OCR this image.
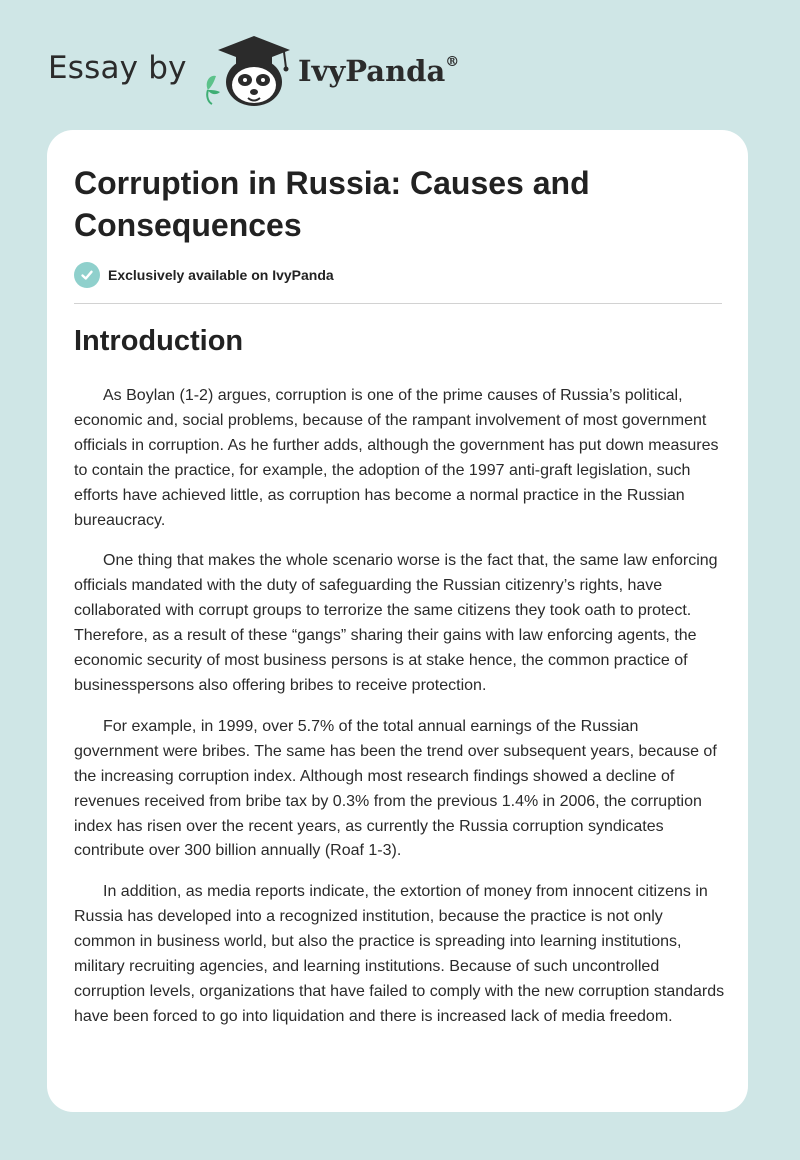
Essay by	IvyPanda®
Corruption in Russia: Causes and Consequences
Exclusively available on IvyPanda
Introduction

As Boylan (1-2) argues, corruption is one of the prime causes of Russia’s political, economic and, social problems, because of the rampant involvement of most government officials in corruption. As he further adds, although the government has put down measures to contain the practice, for example, the adoption of the 1997 anti-graft legislation, such efforts have achieved little, as corruption has become a normal practice in the Russian bureaucracy.

One thing that makes the whole scenario worse is the fact that, the same law enforcing officials mandated with the duty of safeguarding the Russian citizenry’s rights, have collaborated with corrupt groups to terrorize the same citizens they took oath to protect. Therefore, as a result of these “gangs” sharing their gains with law enforcing agents, the economic security of most business persons is at stake hence, the common practice of businesspersons also offering bribes to receive protection.

For example, in 1999, over 5.7% of the total annual earnings of the Russian government were bribes. The same has been the trend over subsequent years, because of the increasing corruption index. Although most research findings showed a decline of revenues received from bribe tax by 0.3% from the previous 1.4% in 2006, the corruption index has risen over the recent years, as currently the Russia corruption syndicates contribute over 300 billion annually (Roaf 1-3).

In addition, as media reports indicate, the extortion of money from innocent citizens in Russia has developed into a recognized institution, because the practice is not only common in business world, but also the practice is spreading into learning institutions, military recruiting agencies, and learning institutions. Because of such uncontrolled corruption levels, organizations that have failed to comply with the new corruption standards have been forced to go into liquidation and there is increased lack of media freedom.
